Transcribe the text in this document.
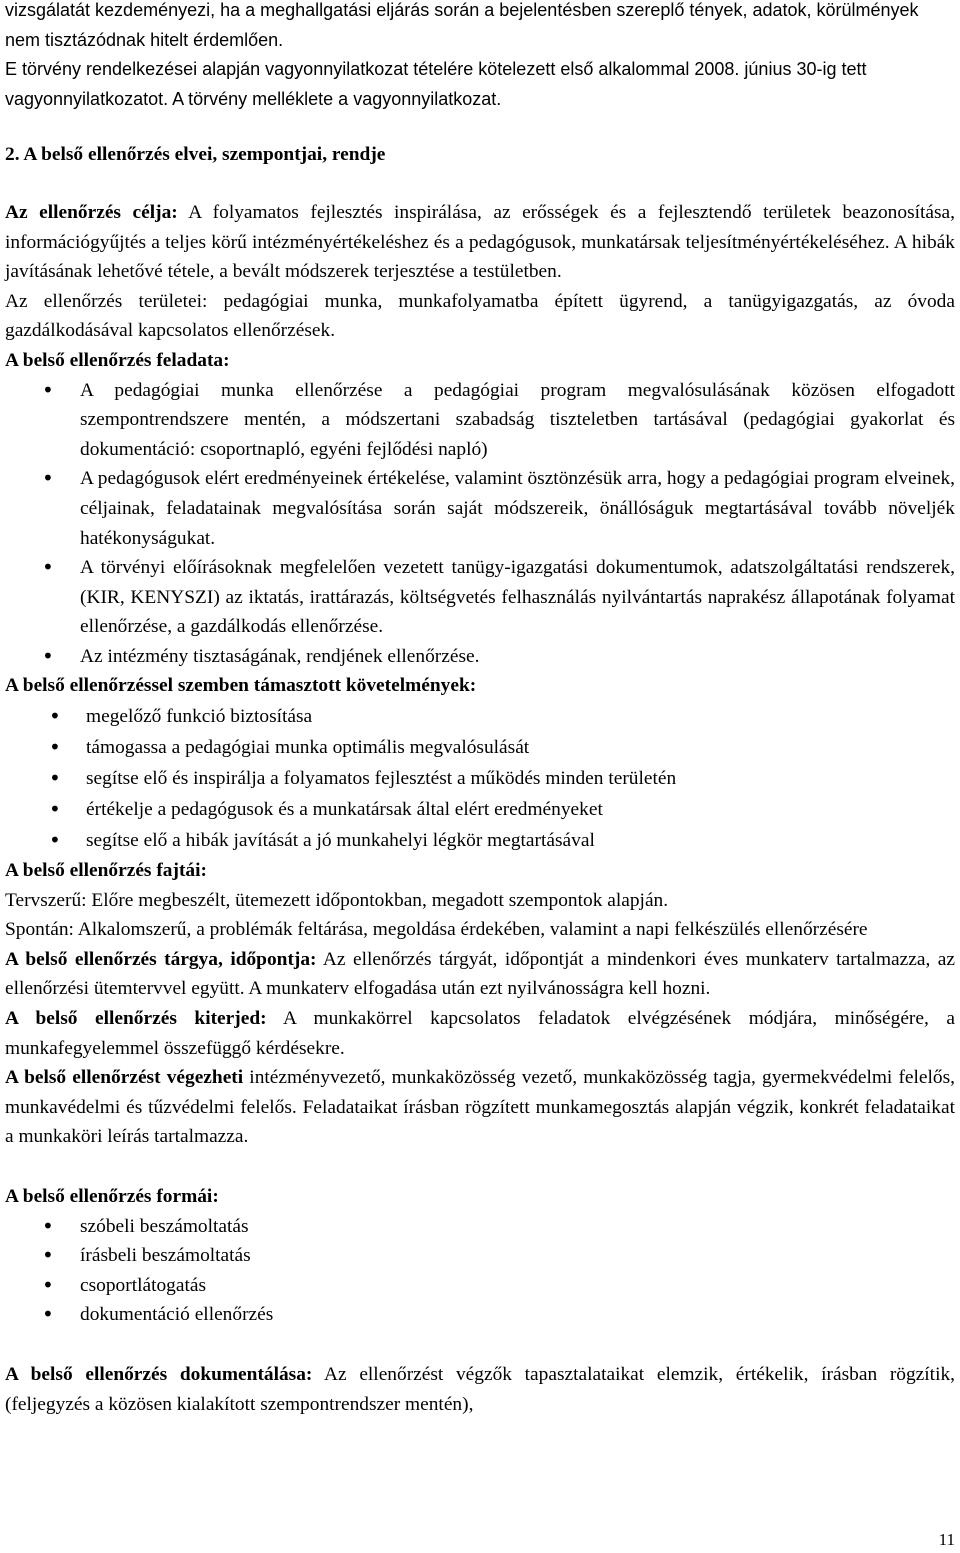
vizsgálatát kezdeményezi, ha a meghallgatási eljárás során a bejelentésben szereplő tények, adatok, körülmények nem tisztázódnak hitelt érdemlően.

E törvény rendelkezései alapján vagyonnyilatkozat tételére kötelezett első alkalommal 2008. június 30-ig tett vagyonnyilatkozatot. A törvény melléklete a vagyonnyilatkozat.

2. A belső ellenőrzés elvei, szempontjai, rendje

Az ellenőrzés célja: A folyamatos fejlesztés inspirálása, az erősségek és a fejlesztendő területek beazonosítása, információgyűjtés a teljes körű intézményértékeléshez és a pedagógusok, munkatársak teljesítményértékeléséhez. A hibák javításának lehetővé tétele, a bevált módszerek terjesztése a testületben.

Az ellenőrzés területei: pedagógiai munka, munkafolyamatba épített ügyrend, a tanügyigazgatás, az óvoda gazdálkodásával kapcsolatos ellenőrzések.

A belső ellenőrzés feladata:

• A pedagógiai munka ellenőrzése a pedagógiai program megvalósulásának közösen elfogadott szempontrendszere mentén, a módszertani szabadság tiszteletben tartásával (pedagógiai gyakorlat és dokumentáció: csoportnapló, egyéni fejlődési napló)
• A pedagógusok elért eredményeinek értékelése, valamint ösztönzésük arra, hogy a pedagógiai program elveinek, céljainak, feladatainak megvalósítása során saját módszereik, önállóságuk megtartásával tovább növeljék hatékonyságukat.
• A törvényi előírásoknak megfelelően vezetett tanügy-igazgatási dokumentumok, adatszolgáltatási rendszerek, (KIR, KENYSZI) az iktatás, irattárazás, költségvetés felhasználás nyilvántartás naprakész állapotának folyamat ellenőrzése, a gazdálkodás ellenőrzése.
• Az intézmény tisztaságának, rendjének ellenőrzése.

A belső ellenőrzéssel szemben támasztott követelmények:

• megelőző funkció biztosítása
• támogassa a pedagógiai munka optimális megvalósulását
• segítse elő és inspirálja a folyamatos fejlesztést a működés minden területén
• értékelje a pedagógusok és a munkatársak által elért eredményeket
• segítse elő a hibák javítását a jó munkahelyi légkör megtartásával

A belső ellenőrzés fajtái:

Tervszerű: Előre megbeszélt, ütemezett időpontokban, megadott szempontok alapján.

Spontán: Alkalomszerű, a problémák feltárása, megoldása érdekében, valamint a napi felkészülés ellenőrzésére

A belső ellenőrzés tárgya, időpontja: Az ellenőrzés tárgyát, időpontját a mindenkori éves munkaterv tartalmazza, az ellenőrzési ütemtervvel együtt. A munkaterv elfogadása után ezt nyilvánosságra kell hozni.

A belső ellenőrzés kiterjed: A munkakörrel kapcsolatos feladatok elvégzésének módjára, minőségére, a munkafegyelemmel összefüggő kérdésekre.

A belső ellenőrzést végezheti intézményvezető, munkaközösség vezető, munkaközösség tagja, gyermekvédelmi felelős, munkavédelmi és tűzvédelmi felelős. Feladataikat írásban rögzített munkamegosztás alapján végzik, konkrét feladataikat a munkaköri leírás tartalmazza.

A belső ellenőrzés formái:

• szóbeli beszámoltatás
• írásbeli beszámoltatás
• csoportlátogatás
• dokumentáció ellenőrzés

A belső ellenőrzés dokumentálása: Az ellenőrzést végzők tapasztalataikat elemzik, értékelik, írásban rögzítik, (feljegyzés a közösen kialakított szempontrendszer mentén),

11
